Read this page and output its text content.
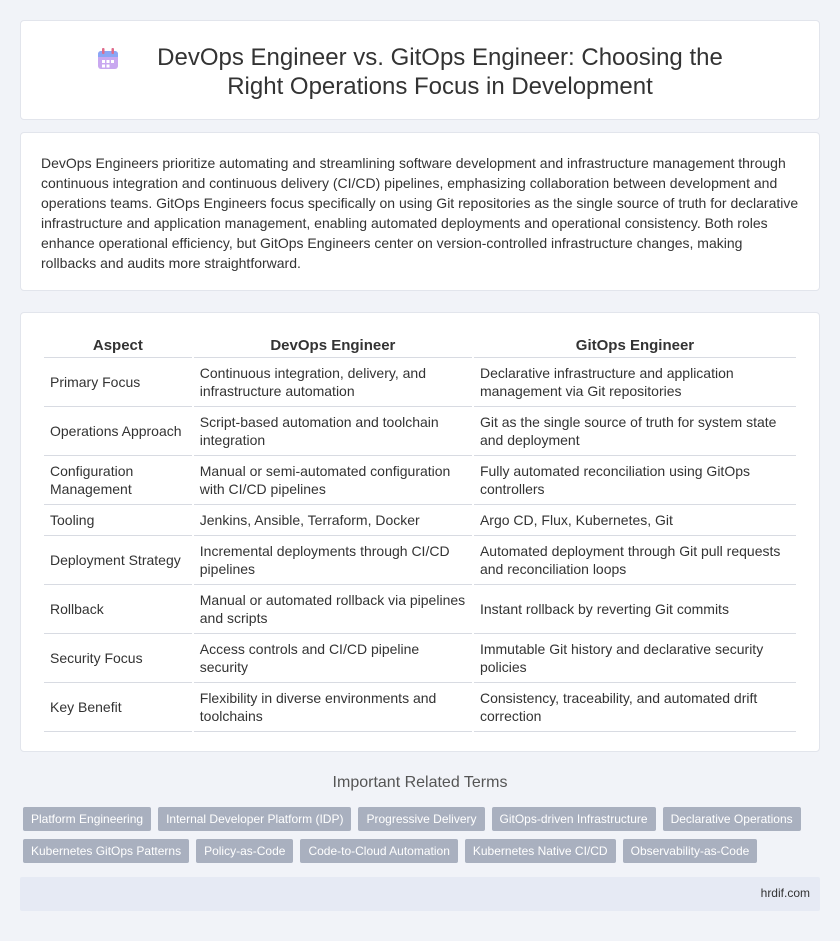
DevOps Engineer vs. GitOps Engineer: Choosing the Right Operations Focus in Development

DevOps Engineers prioritize automating and streamlining software development and infrastructure management through continuous integration and continuous delivery (CI/CD) pipelines, emphasizing collaboration between development and operations teams. GitOps Engineers focus specifically on using Git repositories as the single source of truth for declarative infrastructure and application management, enabling automated deployments and operational consistency. Both roles enhance operational efficiency, but GitOps Engineers center on version-controlled infrastructure changes, making rollbacks and audits more straightforward.

Aspect	DevOps Engineer	GitOps Engineer
Primary Focus	Continuous integration, delivery, and infrastructure automation	Declarative infrastructure and application management via Git repositories
Operations Approach	Script-based automation and toolchain integration	Git as the single source of truth for system state and deployment
Configuration Management	Manual or semi-automated configuration with CI/CD pipelines	Fully automated reconciliation using GitOps controllers
Tooling	Jenkins, Ansible, Terraform, Docker	Argo CD, Flux, Kubernetes, Git
Deployment Strategy	Incremental deployments through CI/CD pipelines	Automated deployment through Git pull requests and reconciliation loops
Rollback	Manual or automated rollback via pipelines and scripts	Instant rollback by reverting Git commits
Security Focus	Access controls and CI/CD pipeline security	Immutable Git history and declarative security policies
Key Benefit	Flexibility in diverse environments and toolchains	Consistency, traceability, and automated drift correction
Important Related Terms
Platform Engineering	Internal Developer Platform (IDP)	Progressive Delivery	GitOps-driven Infrastructure	Declarative Operations
Kubernetes GitOps Patterns	Policy-as-Code	Code-to-Cloud Automation	Kubernetes Native CI/CD	Observability-as-Code
hrdif.com
